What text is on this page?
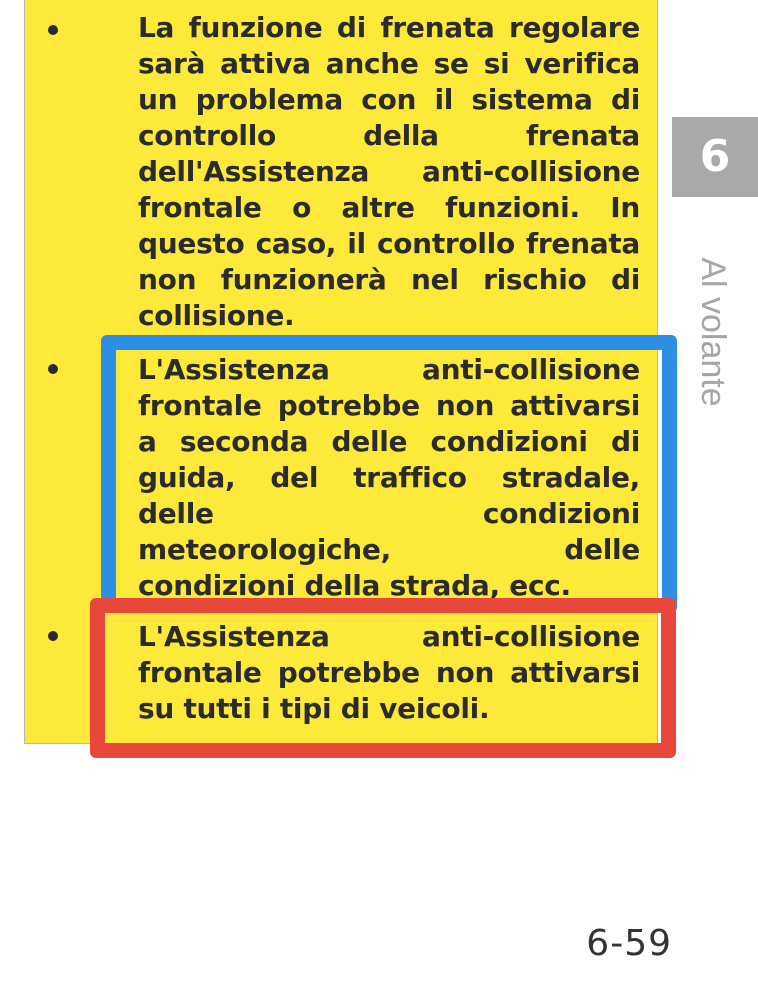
La funzione di frenata regolare sarà attiva anche se si verifica un problema con il sistema di controllo della frenata dell'Assistenza anti-collisione frontale o altre funzioni. In questo caso, il controllo frenata non funzionerà nel rischio di collisione.

L'Assistenza anti-collisione frontale potrebbe non attivarsi a seconda delle condizioni di guida, del traffico stradale, delle condizioni meteorologiche, delle condizioni della strada, ecc.

L'Assistenza anti-collisione frontale potrebbe non attivarsi su tutti i tipi di veicoli.

6
Al volante
6-59
